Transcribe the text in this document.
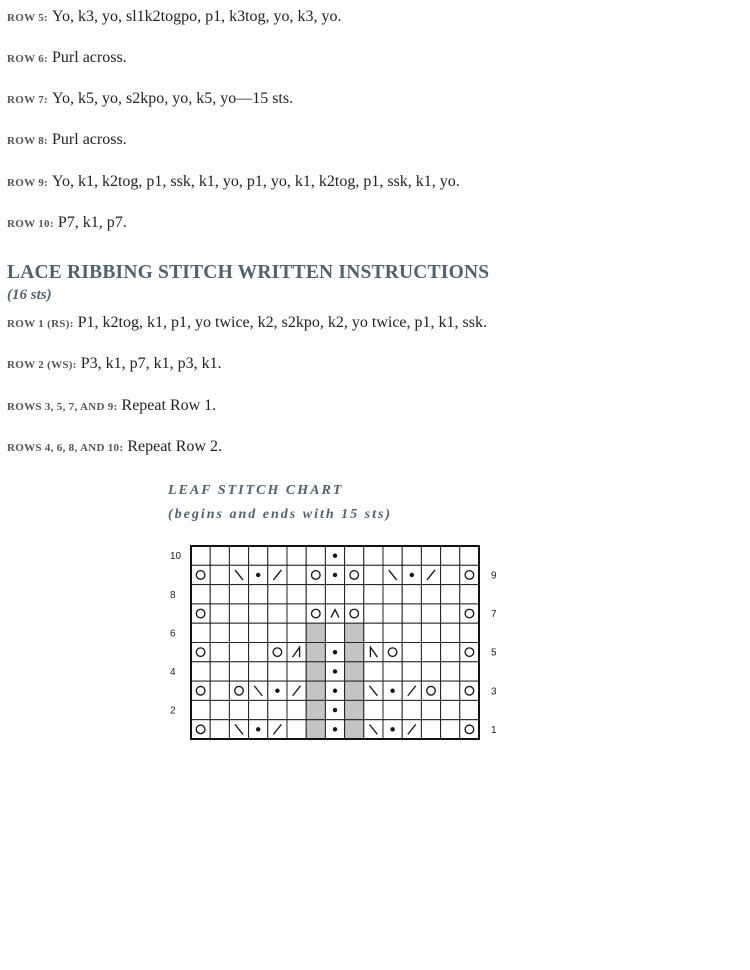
ROW 5: Yo, k3, yo, sl1k2togpo, p1, k3tog, yo, k3, yo.
ROW 6: Purl across.
ROW 7: Yo, k5, yo, s2kpo, yo, k5, yo—15 sts.
ROW 8: Purl across.
ROW 9: Yo, k1, k2tog, p1, ssk, k1, yo, p1, yo, k1, k2tog, p1, ssk, k1, yo.
ROW 10: P7, k1, p7.
LACE RIBBING STITCH WRITTEN INSTRUCTIONS
(16 sts)
ROW 1 (RS): P1, k2tog, k1, p1, yo twice, k2, s2kpo, k2, yo twice, p1, k1, ssk.
ROW 2 (WS): P3, k1, p7, k1, p3, k1.
ROWS 3, 5, 7, AND 9: Repeat Row 1.
ROWS 4, 6, 8, AND 10: Repeat Row 2.
LEAF STITCH CHART
(begins and ends with 15 sts)
10
8
6
4
2
9
7
5
3
1
